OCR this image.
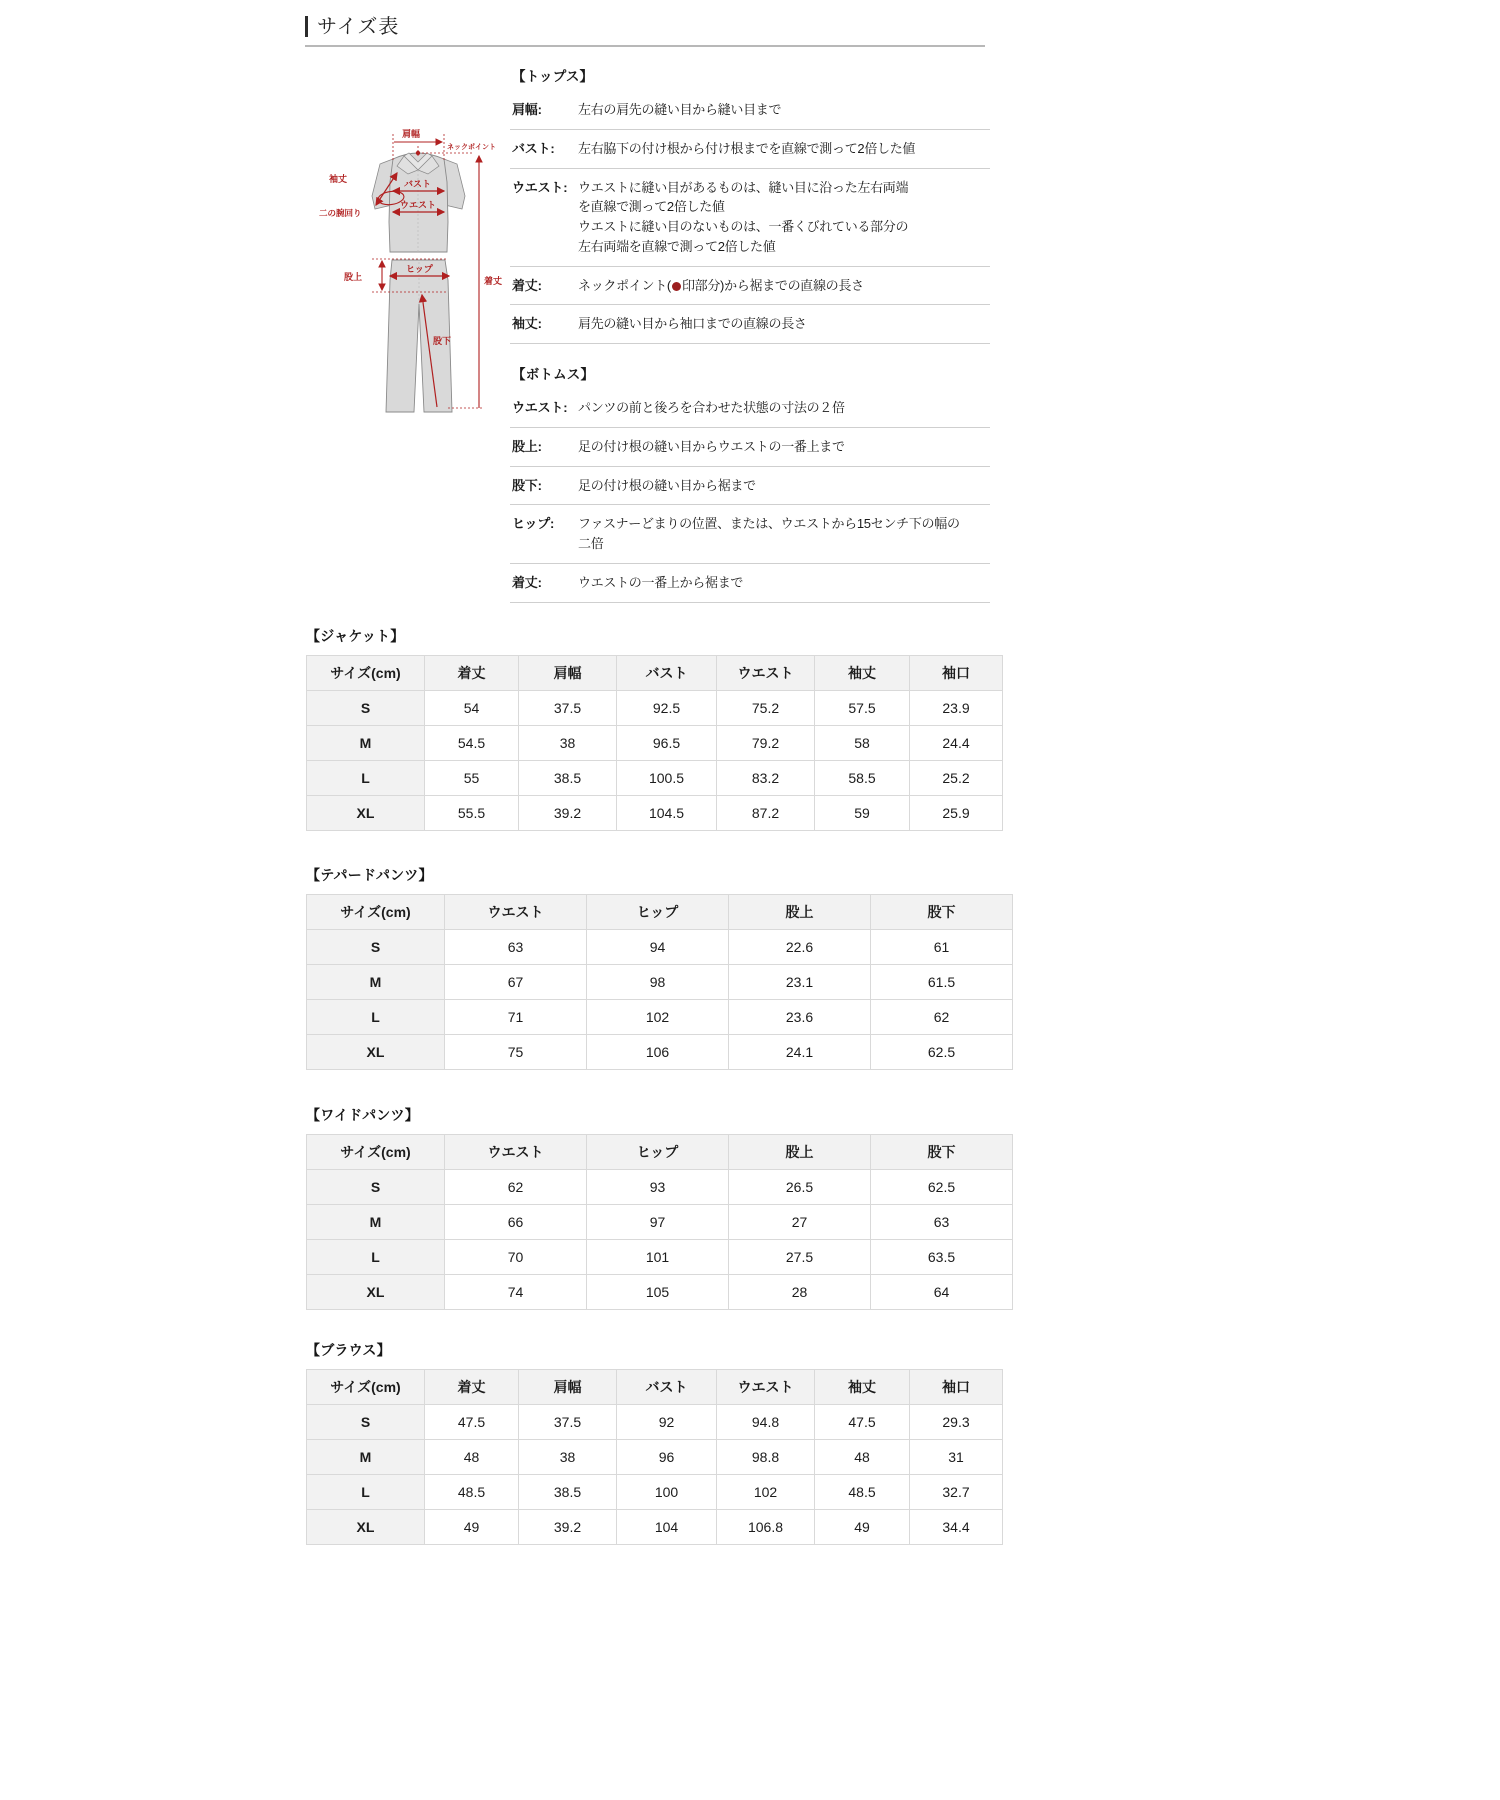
サイズ表
肩幅
ネックポイント
袖丈	バスト
ウエスト
二の腕回り
股上
ヒップ
股下
着丈
【トップス】
肩幅:	左右の肩先の縫い目から縫い目まで
バスト:	左右脇下の付け根から付け根までを直線で測って2倍した値
ウエスト: ウエストに縫い目があるものは、縫い目に沿った左右両端
を直線で測って2倍した値
ウエストに縫い目のないものは、一番くびれている部分の
左右両端を直線で測って2倍した値
着丈:	ネックポイント( 印部分)から裾までの直線の長さ
袖丈:	肩先の縫い目から袖口までの直線の長さ
【ボトムス】
ウエスト: パンツの前と後ろを合わせた状態の寸法の２倍
股上:	足の付け根の縫い目からウエストの一番上まで
股下:	足の付け根の縫い目から裾まで
ヒップ:	ファスナーどまりの位置、または、ウエストから15センチ下の幅の
二倍
着丈:	ウエストの一番上から裾まで
【ジャケット】
サイズ(cm)	着丈	肩幅	バスト	ウエスト	袖丈	袖口
S	54	37.5	92.5	75.2	57.5	23.9
M	54.5	38	96.5	79.2	58	24.4
L	55	38.5	100.5	83.2	58.5	25.2
XL	55.5	39.2	104.5	87.2	59	25.9
【テパードパンツ】
サイズ(cm)	ウエスト	ヒップ	股上	股下
S	63	94	22.6	61
M	67	98	23.1	61.5
L	71	102	23.6	62
XL	75	106	24.1	62.5
【ワイドパンツ】
サイズ(cm)	ウエスト	ヒップ	股上	股下
S	62	93	26.5	62.5
M	66	97	27	63
L	70	101	27.5	63.5
XL	74	105	28	64
【ブラウス】
サイズ(cm)	着丈	肩幅	バスト	ウエスト	袖丈	袖口
S	47.5	37.5	92	94.8	47.5	29.3
M	48	38	96	98.8	48	31
L	48.5	38.5	100	102	48.5	32.7
XL	49	39.2	104	106.8	49	34.4
